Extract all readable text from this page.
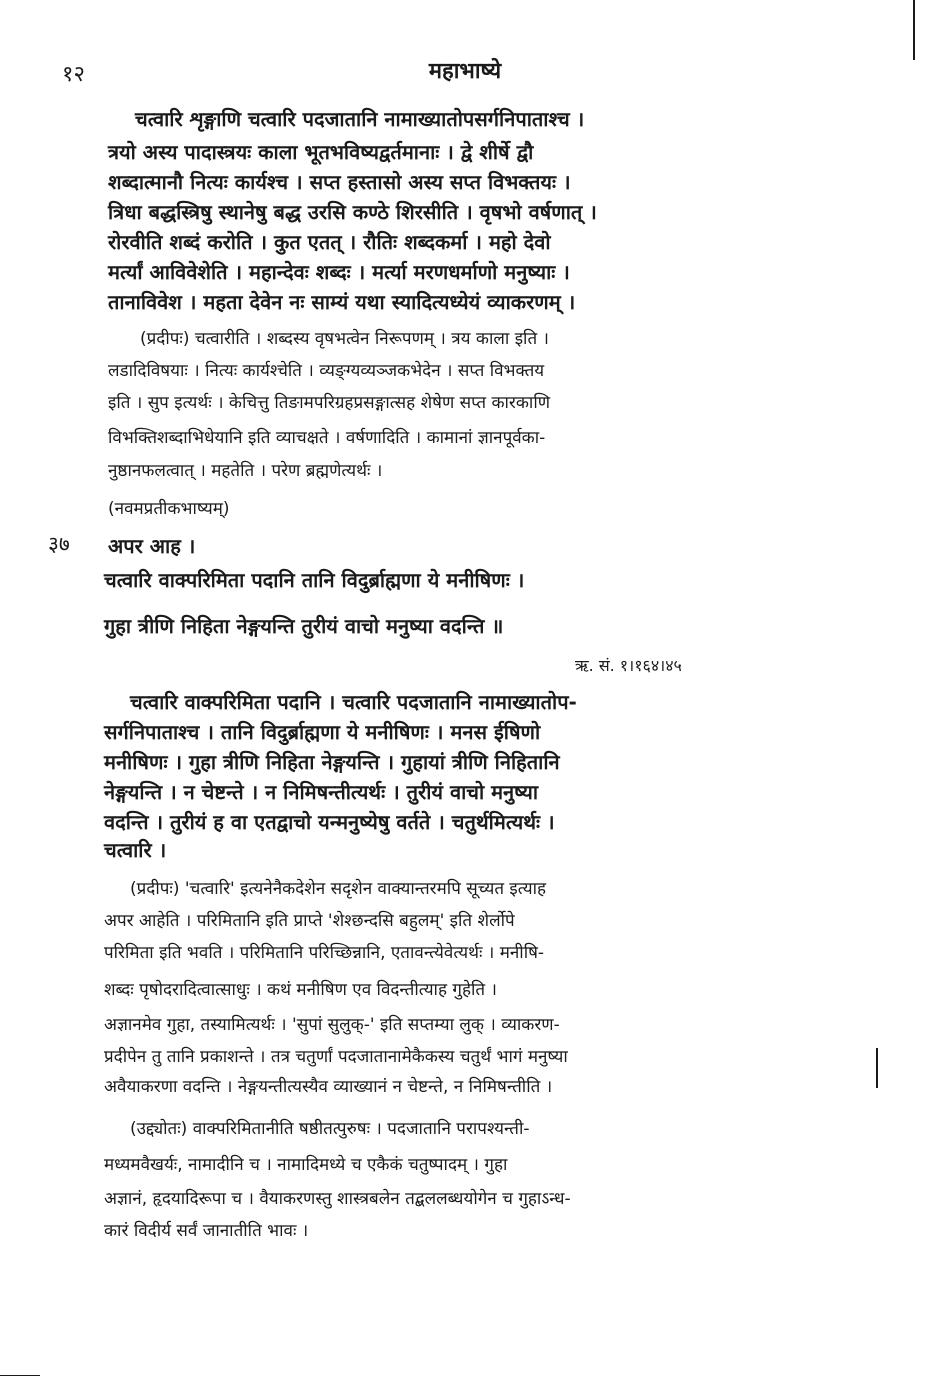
१२	महाभाष्ये
चत्वारि शृङ्गाणि चत्वारि पदजातानि नामाख्यातोपसर्गनिपाताश्च ।
त्रयो अस्य पादास्त्रयः काला भूतभविष्यद्वर्तमानाः । द्वे शीर्षे द्वौ
शब्दात्मानौ नित्यः कार्यश्च । सप्त हस्तासो अस्य सप्त विभक्तयः ।
त्रिधा बद्धस्त्रिषु स्थानेषु बद्ध उरसि कण्ठे शिरसीति । वृषभो वर्षणात् ।
रोरवीति शब्दं करोति । कुत एतत् । रौतिः शब्दकर्मा । महो देवो
मर्त्यां आविवेशेति । महान्देवः शब्दः । मर्त्या मरणधर्माणो मनुष्याः ।
तानाविवेश । महता देवेन नः साम्यं यथा स्यादित्यध्येयं व्याकरणम् ।
(प्रदीपः) चत्वारीति । शब्दस्य वृषभत्वेन निरूपणम् । त्रय काला इति ।
लडादिविषयाः । नित्यः कार्यश्चेति । व्यङ्ग्यव्यञ्जकभेदेन । सप्त विभक्तय
इति । सुप इत्यर्थः । केचित्तु तिङामपरिग्रहप्रसङ्गात्सह शेषेण सप्त कारकाणि
विभक्तिशब्दाभिधेयानि इति व्याचक्षते । वर्षणादिति । कामानां ज्ञानपूर्वका-
नुष्ठानफलत्वात् । महतेति । परेण ब्रह्मणेत्यर्थः ।
(नवमप्रतीकभाष्यम्)
३७ अपर आह ।
चत्वारि वाक्परिमिता पदानि तानि विदुर्ब्राह्मणा ये मनीषिणः ।
गुहा त्रीणि निहिता नेङ्गयन्ति तुरीयं वाचो मनुष्या वदन्ति ॥
ऋ. सं. १।१६४।४५
चत्वारि वाक्परिमिता पदानि । चत्वारि पदजातानि नामाख्यातोप-
सर्गनिपाताश्च । तानि विदुर्ब्राह्मणा ये मनीषिणः । मनस ईषिणो
मनीषिणः । गुहा त्रीणि निहिता नेङ्गयन्ति । गुहायां त्रीणि निहितानि
नेङ्गयन्ति । न चेष्टन्ते । न निमिषन्तीत्यर्थः । तुरीयं वाचो मनुष्या
वदन्ति । तुरीयं ह वा एतद्वाचो यन्मनुष्येषु वर्तते । चतुर्थमित्यर्थः ।
चत्वारि ।
(प्रदीपः) 'चत्वारि' इत्यनेनैकदेशेन सदृशेन वाक्यान्तरमपि सूच्यत इत्याह
अपर आहेति । परिमितानि इति प्राप्ते 'शेश्छन्दसि बहुलम्' इति शेर्लोपे
परिमिता इति भवति । परिमितानि परिच्छिन्नानि, एतावन्त्येवेत्यर्थः । मनीषि-
शब्दः पृषोदरादित्वात्साधुः । कथं मनीषिण एव विदन्तीत्याह गुहेति ।
अज्ञानमेव गुहा, तस्यामित्यर्थः । 'सुपां सुलुक्-' इति सप्तम्या लुक् । व्याकरण-
प्रदीपेन तु तानि प्रकाशन्ते । तत्र चतुर्णां पदजातानामेकैकस्य चतुर्थं भागं मनुष्या
अवैयाकरणा वदन्ति । नेङ्गयन्तीत्यस्यैव व्याख्यानं न चेष्टन्ते, न निमिषन्तीति ।
(उद्द्योतः) वाक्परिमितानीति षष्ठीतत्पुरुषः । पदजातानि परापश्यन्ती-
मध्यमवैखर्यः, नामादीनि च । नामादिमध्ये च एकैकं चतुष्पादम् । गुहा
अज्ञानं, हृदयादिरूपा च । वैयाकरणस्तु शास्त्रबलेन तद्बललब्धयोगेन च गुहाऽन्ध-
कारं विदीर्य सर्वं जानातीति भावः ।
